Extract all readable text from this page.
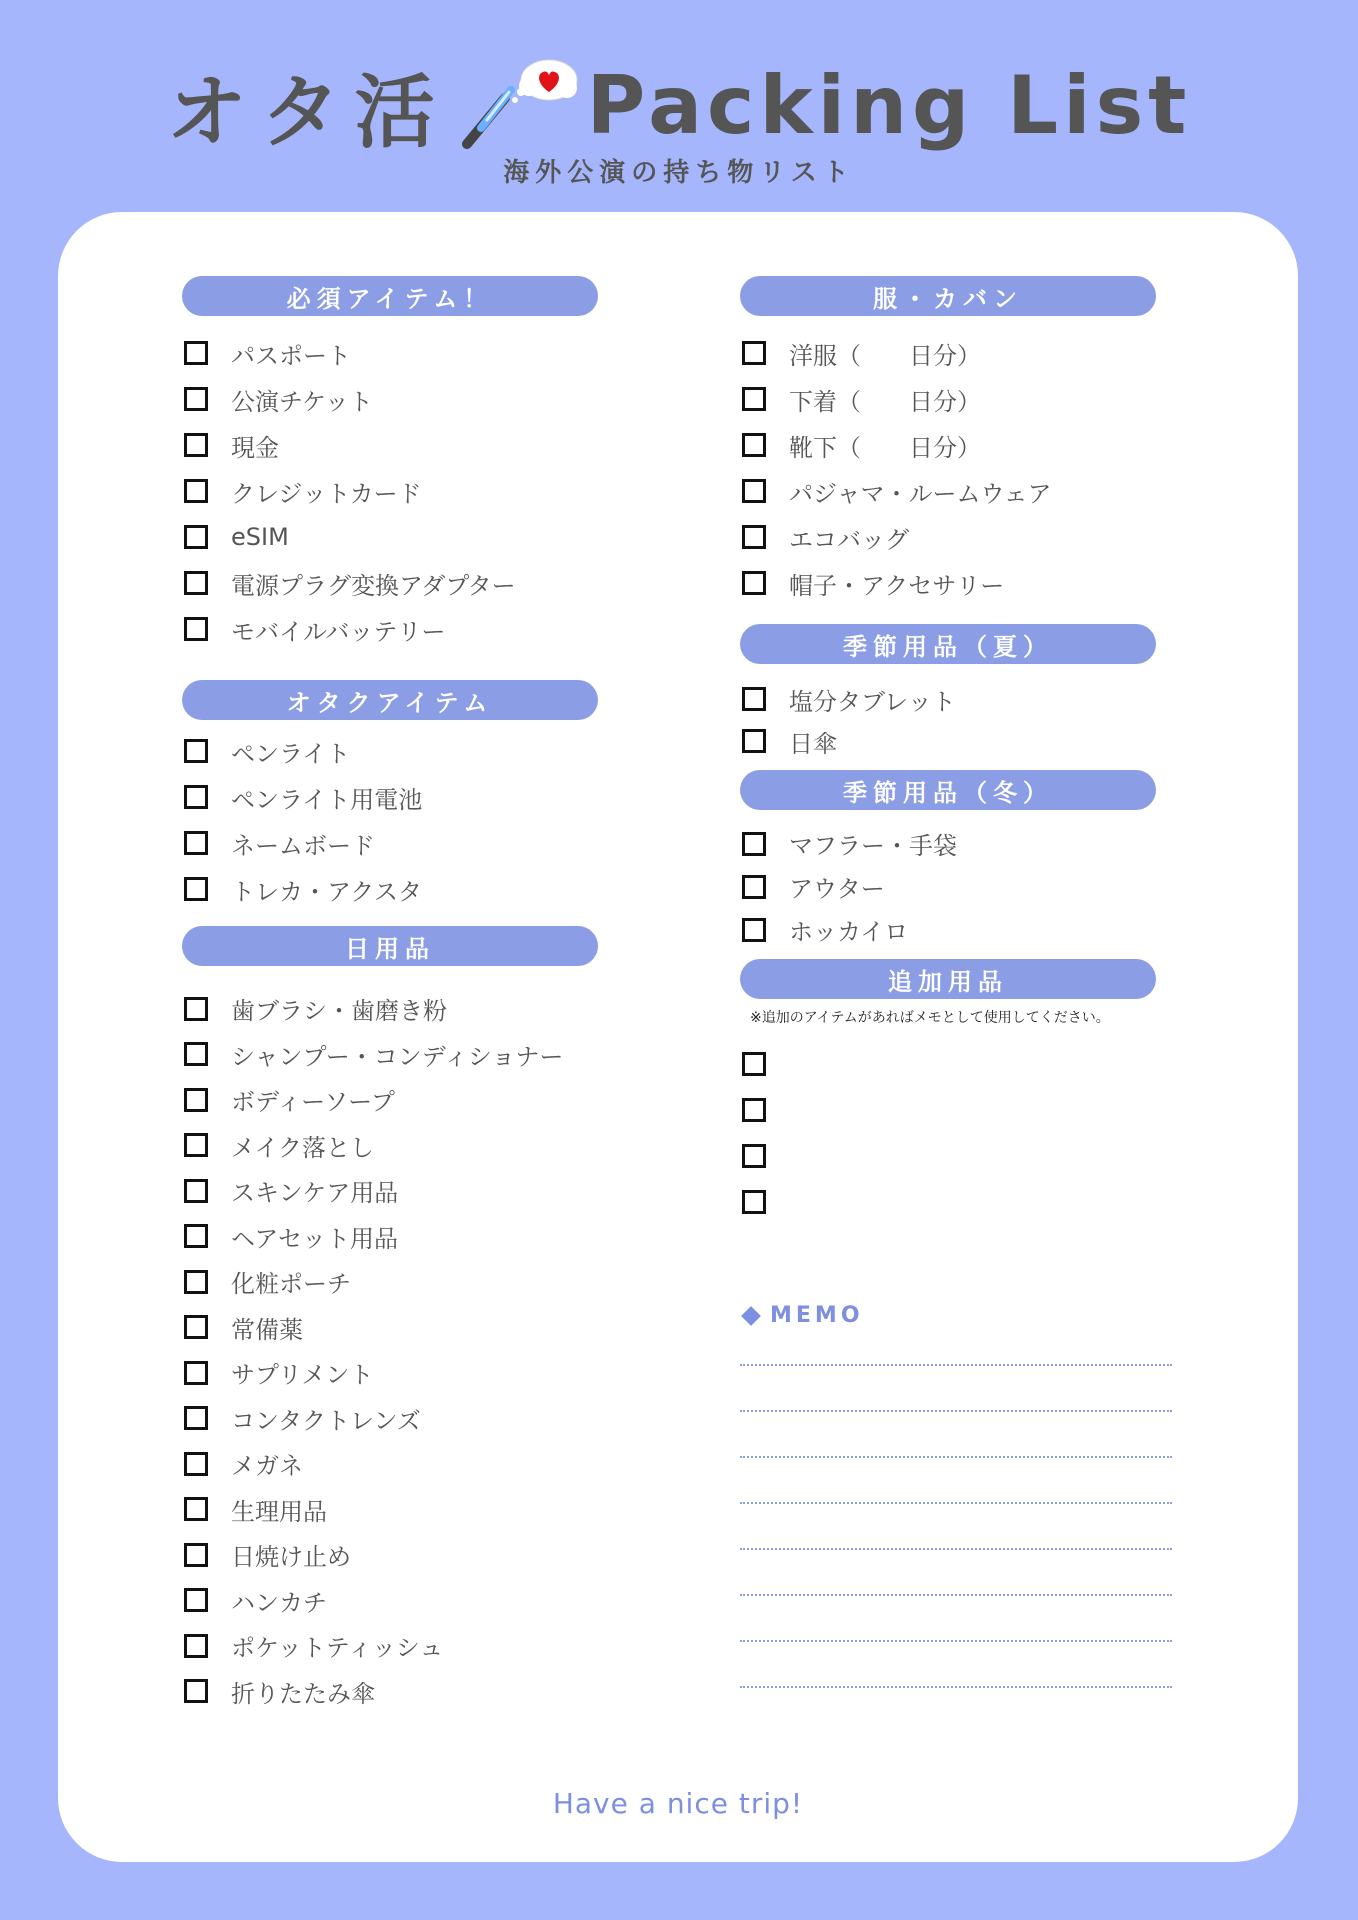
オタ活 Packing List
海外公演の持ち物リスト
必須アイテム！
パスポート
公演チケット
現金
クレジットカード
eSIM
電源プラグ変換アダプター
モバイルバッテリー
オタクアイテム
ペンライト
ペンライト用電池
ネームボード
トレカ・アクスタ
日用品
歯ブラシ・歯磨き粉
シャンプー・コンディショナー
ボディーソープ
メイク落とし
スキンケア用品
ヘアセット用品
化粧ポーチ
常備薬
サプリメント
コンタクトレンズ
メガネ
生理用品
日焼け止め
ハンカチ
ポケットティッシュ
折りたたみ傘
服・カバン
洋服（　　日分）
下着（　　日分）
靴下（　　日分）
パジャマ・ルームウェア
エコバッグ
帽子・アクセサリー
季節用品（夏）
塩分タブレット
日傘
季節用品（冬）
マフラー・手袋
アウター
ホッカイロ
追加用品
※追加のアイテムがあればメモとして使用してください。
MEMO
Have a nice trip!
